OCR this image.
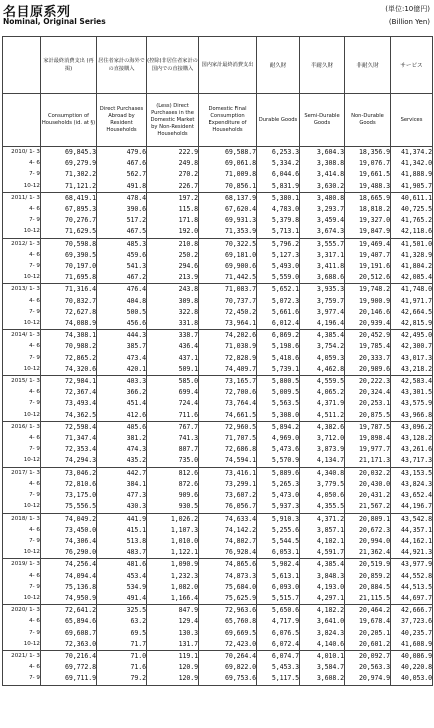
名目原系列	(単位:10億円)
Nominal, Original Series	(Billion Yen)
	家計最終消費支出 (再掲)	居住者家計の海外での直接購入	(控除)非居住者家計の国内での直接購入	国内家計最終消費支出	耐久財	半耐久財	非耐久財	サービス
	Consumption of Households (id. at §)	Direct Purchases Abroad by Resident Households	(Less) Direct Purchases in the Domestic Market by Non-Resident Households	Domestic Final Consumption Expenditure of Households	Durable Goods	Semi-Durable Goods	Non-Durable Goods	Services
2010/ 1- 3	69,845.3	479.6	222.9	69,588.7	6,253.3	3,604.3	18,356.9	41,374.2
4- 6	69,279.9	467.6	249.8	69,061.8	5,334.2	3,308.8	19,076.7	41,342.0
7- 9	71,302.2	562.7	270.2	71,009.8	6,044.6	3,414.8	19,661.5	41,888.9
10-12	71,121.2	491.8	226.7	70,856.1	5,831.9	3,630.2	19,488.3	41,905.7
2011/ 1- 3	68,419.1	478.4	197.2	68,137.9	5,380.1	3,480.8	18,665.9	40,611.1
4- 6	67,895.3	390.6	115.8	67,620.4	4,783.0	3,293.7	18,818.2	40,725.5
7- 9	70,276.7	517.2	171.8	69,931.3	5,379.8	3,459.4	19,327.0	41,765.2
10-12	71,629.5	467.5	192.0	71,353.9	5,713.1	3,674.3	19,847.9	42,118.6
2012/ 1- 3	70,598.8	485.3	210.8	70,322.5	5,796.2	3,555.7	19,469.4	41,501.0
4- 6	69,390.5	459.6	250.2	69,181.0	5,127.3	3,317.1	19,407.7	41,328.9
7- 9	70,197.0	541.3	294.6	69,900.6	5,493.0	3,411.8	19,191.6	41,804.2
10-12	71,695.8	467.2	213.9	71,442.5	5,559.0	3,688.6	20,512.6	42,085.4
2013/ 1- 3	71,316.4	476.4	243.8	71,083.7	5,652.1	3,935.3	19,748.2	41,748.0
4- 6	70,832.7	404.8	309.8	70,737.7	5,072.3	3,759.7	19,900.9	41,971.7
7- 9	72,627.8	500.5	322.8	72,450.2	5,661.6	3,977.4	20,146.6	42,664.5
10-12	74,088.9	456.6	331.8	73,964.1	6,012.4	4,196.4	20,939.4	42,815.9
2014/ 1- 3	74,308.1	444.3	338.7	74,202.6	6,869.2	4,385.4	20,452.9	42,495.0
4- 6	70,988.2	385.7	436.4	71,038.9	5,198.6	3,754.2	19,785.4	42,300.7
7- 9	72,865.2	473.4	437.1	72,828.9	5,418.6	4,059.3	20,333.7	43,017.3
10-12	74,320.6	420.1	509.1	74,409.7	5,739.1	4,462.8	20,989.6	43,218.2
2015/ 1- 3	72,984.1	403.3	585.0	73,165.7	5,800.5	4,559.5	20,222.3	42,583.4
4- 6	72,367.4	366.2	699.4	72,700.6	5,009.5	4,065.2	20,324.4	43,301.5
7- 9	73,493.4	451.4	724.4	73,764.4	5,563.5	4,371.9	20,253.1	43,575.9
10-12	74,362.5	412.6	711.6	74,661.5	5,308.0	4,511.2	20,875.5	43,966.8
2016/ 1- 3	72,598.4	405.6	767.7	72,960.5	5,894.2	4,382.6	19,787.5	43,096.2
4- 6	71,347.4	381.2	741.3	71,707.5	4,969.0	3,712.0	19,898.4	43,128.2
7- 9	72,353.4	474.3	807.7	72,686.8	5,473.6	3,873.9	19,977.7	43,261.6
10-12	74,294.3	435.2	735.0	74,594.1	5,570.9	4,134.7	21,171.3	43,717.3
2017/ 1- 3	73,046.2	442.7	812.6	73,416.1	5,889.6	4,340.8	20,032.2	43,153.5
4- 6	72,810.6	384.1	872.6	73,299.1	5,265.3	3,779.5	20,430.0	43,824.3
7- 9	73,175.0	477.3	909.6	73,607.2	5,473.0	4,050.6	20,431.2	43,652.4
10-12	75,556.5	430.3	930.5	76,056.7	5,937.3	4,355.5	21,567.2	44,196.7
2018/ 1- 3	74,049.2	441.9	1,026.2	74,633.4	5,910.3	4,371.2	20,809.1	43,542.8
4- 6	73,450.0	415.1	1,107.3	74,142.2	5,255.6	3,857.1	20,672.3	44,357.1
7- 9	74,306.4	513.8	1,010.0	74,802.7	5,544.5	4,102.1	20,994.0	44,162.1
10-12	76,290.0	483.7	1,122.1	76,928.4	6,053.1	4,591.7	21,362.4	44,921.3
2019/ 1- 3	74,256.4	481.6	1,090.9	74,865.6	5,982.4	4,385.4	20,519.9	43,977.9
4- 6	74,094.4	453.4	1,232.3	74,873.3	5,613.1	3,848.3	20,859.2	44,552.8
7- 9	75,136.8	534.9	1,082.0	75,684.0	6,093.0	4,193.0	20,884.5	44,513.5
10-12	74,950.9	491.4	1,166.4	75,625.9	5,515.7	4,297.1	21,115.5	44,697.7
2020/ 1- 3	72,641.2	325.5	847.9	72,963.6	5,650.6	4,182.2	20,464.2	42,666.7
4- 6	65,894.6	63.2	129.4	65,760.8	4,717.9	3,641.0	19,678.4	37,723.6
7- 9	69,608.7	69.5	130.3	69,669.5	6,076.5	3,824.3	20,205.1	40,235.7
10-12	72,363.0	71.7	131.7	72,423.0	6,072.4	4,140.6	20,601.2	41,608.9
2021/ 1- 3	70,216.4	71.0	119.1	70,264.4	6,074.7	4,010.1	20,092.7	40,086.9
4- 6	69,772.8	71.6	120.9	69,822.0	5,453.3	3,584.7	20,563.3	40,220.8
7- 9	69,711.9	79.2	120.9	69,753.6	5,117.5	3,608.2	20,974.9	40,053.0
